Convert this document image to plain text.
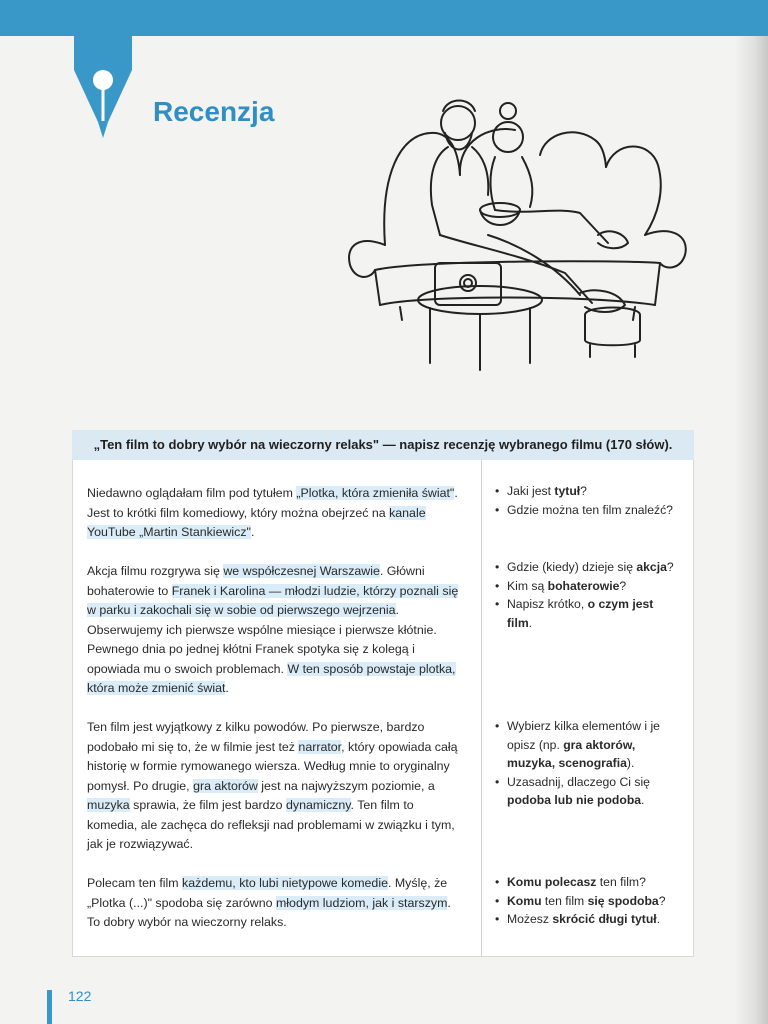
Recenzja
„Ten film to dobry wybór na wieczorny relaks" — napisz recenzję wybranego filmu (170 słów).
Niedawno oglądałam film pod tytułem „Plotka, która zmieniła świat". Jest to krótki film komediowy, który można obejrzeć na kanale YouTube „Martin Stankiewicz".
Akcja filmu rozgrywa się we współczesnej Warszawie. Główni bohaterowie to Franek i Karolina — młodzi ludzie, którzy poznali się w parku i zakochali się w sobie od pierwszego wejrzenia. Obserwujemy ich pierwsze wspólne miesiące i pierwsze kłótnie. Pewnego dnia po jednej kłótni Franek spotyka się z kolegą i opowiada mu o swoich problemach. W ten sposób powstaje plotka, która może zmienić świat.
Ten film jest wyjątkowy z kilku powodów. Po pierwsze, bardzo podobało mi się to, że w filmie jest też narrator, który opowiada całą historię w formie rymowanego wiersza. Według mnie to oryginalny pomysł. Po drugie, gra aktorów jest na najwyższym poziomie, a muzyka sprawia, że film jest bardzo dynamiczny. Ten film to komedia, ale zachęca do refleksji nad problemami w związku i tym, jak je rozwiązywać.
Polecam ten film każdemu, kto lubi nietypowe komedie. Myślę, że „Plotka (...)" spodoba się zarówno młodym ludziom, jak i starszym. To dobry wybór na wieczorny relaks.
• Jaki jest tytuł?
• Gdzie można ten film znaleźć?
• Gdzie (kiedy) dzieje się akcja?
• Kim są bohaterowie?
• Napisz krótko, o czym jest film.
• Wybierz kilka elementów i je opisz (np. gra aktorów, muzyka, scenografia).
• Uzasadnij, dlaczego Ci się podoba lub nie podoba.
• Komu polecasz ten film?
• Komu ten film się spodoba?
• Możesz skrócić długi tytuł.
122
